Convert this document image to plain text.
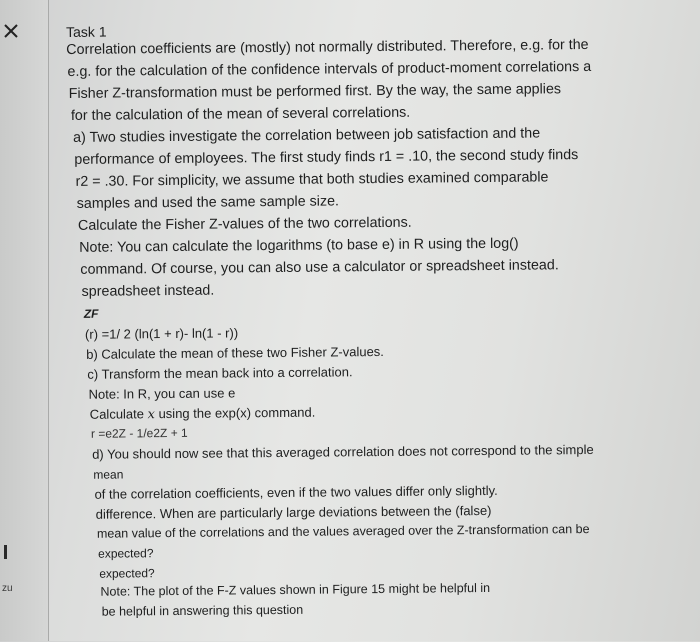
zu
Task 1
Correlation coefficients are (mostly) not normally distributed. Therefore, e.g. for the
e.g. for the calculation of the confidence intervals of product-moment correlations a
Fisher Z-transformation must be performed first. By the way, the same applies
for the calculation of the mean of several correlations.
a) Two studies investigate the correlation between job satisfaction and the
performance of employees. The first study finds r1 = .10, the second study finds
r2 = .30. For simplicity, we assume that both studies examined comparable
samples and used the same sample size.
Calculate the Fisher Z-values of the two correlations.
Note: You can calculate the logarithms (to base e) in R using the log()
command. Of course, you can also use a calculator or spreadsheet instead.
spreadsheet instead.
ZF
(r) =1/ 2 (ln(1 + r)- ln(1 - r))
b) Calculate the mean of these two Fisher Z-values.
c) Transform the mean back into a correlation.
Note: In R, you can use e
Calculate x using the exp(x) command.
r =e2Z - 1/e2Z + 1
d) You should now see that this averaged correlation does not correspond to the simple
mean
of the correlation coefficients, even if the two values differ only slightly.
difference. When are particularly large deviations between the (false)
mean value of the correlations and the values averaged over the Z-transformation can be
expected?
expected?
Note: The plot of the F-Z values shown in Figure 15 might be helpful in
be helpful in answering this question
